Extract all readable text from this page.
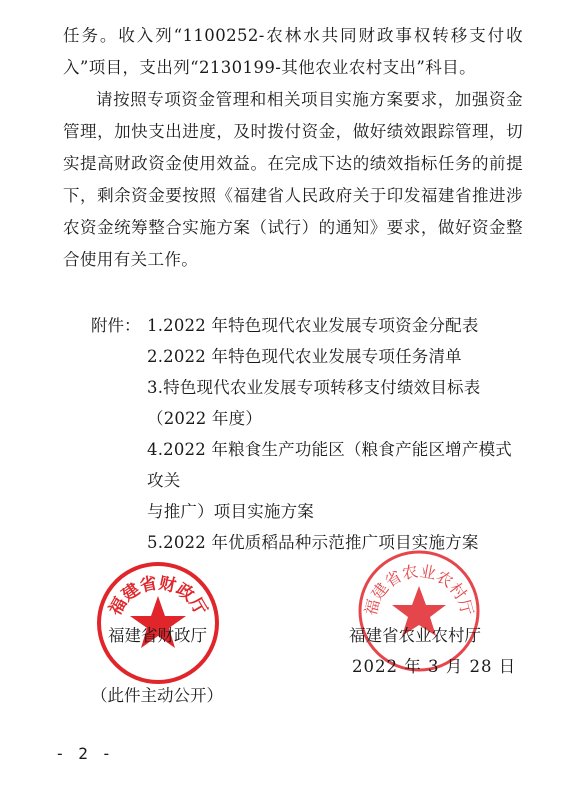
任务。收入列“1100252-农林水共同财政事权转移支付收入”项目，支出列“2130199-其他农业农村支出”科目。

请按照专项资金管理和相关项目实施方案要求，加强资金管理，加快支出进度，及时拨付资金，做好绩效跟踪管理，切实提高财政资金使用效益。在完成下达的绩效指标任务的前提下，剩余资金要按照《福建省人民政府关于印发福建省推进涉农资金统筹整合实施方案（试行）的通知》要求，做好资金整合使用有关工作。

附件： 1.2022 年特色现代农业发展专项资金分配表
2.2022 年特色现代农业发展专项任务清单
3.特色现代农业发展专项转移支付绩效目标表
（2022 年度）
4.2022 年粮食生产功能区（粮食产能区增产模式攻关
与推广）项目实施方案
5.2022 年优质稻品种示范推广项目实施方案
福建省财政厅	福建省农业农村厅
福建省财政厅	福建省农业农村厅
2022 年 3 月 28 日
（此件主动公开）
- 2 -
